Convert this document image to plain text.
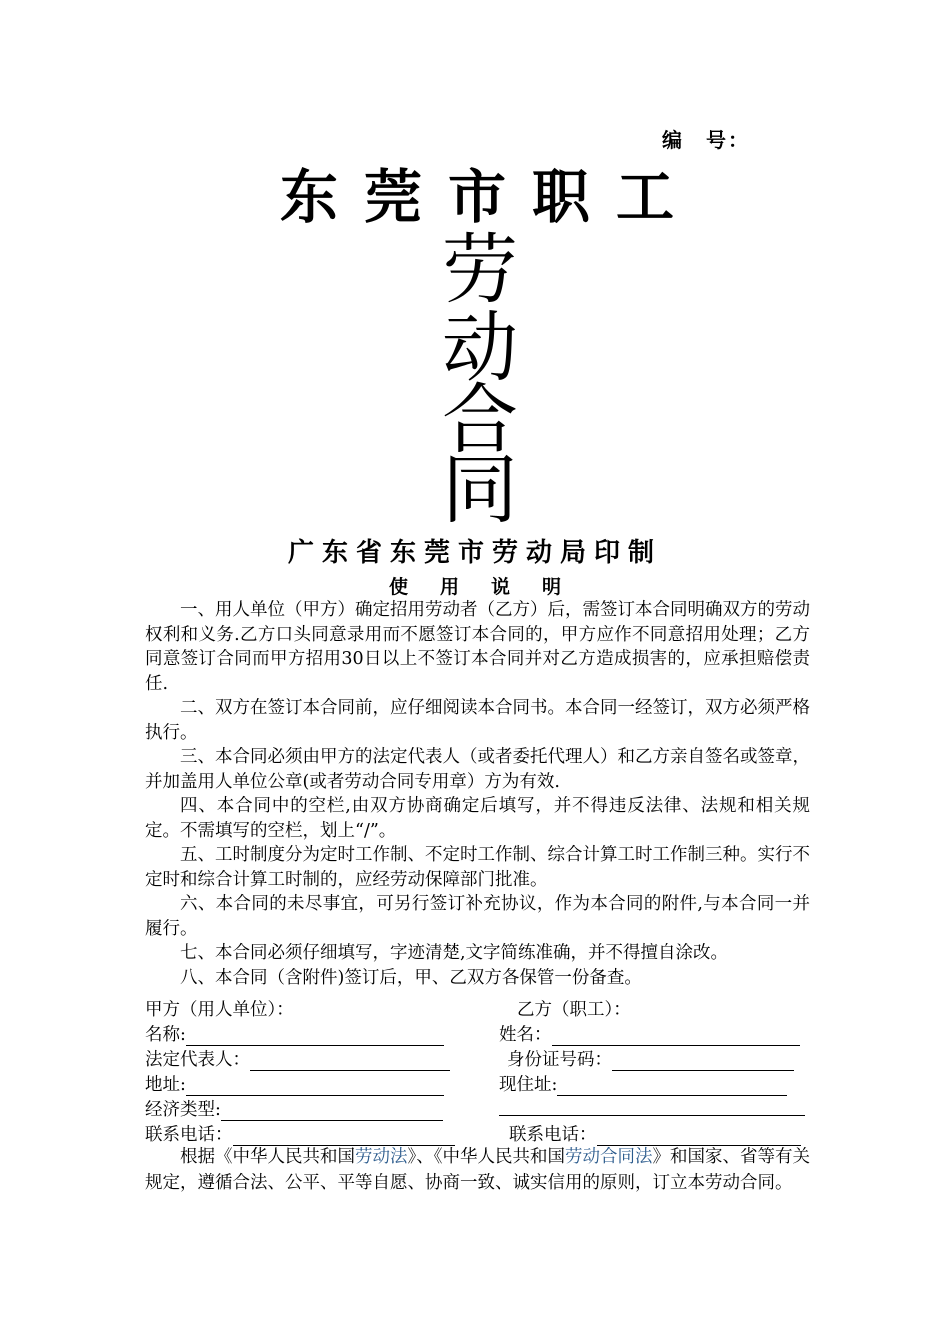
编　号：
东莞市职工
劳
动
合
同
广东省东莞市劳动局印制
使用说明

一、用人单位（甲方）确定招用劳动者（乙方）后，需签订本合同明确双方的劳动权利和义务.乙方口头同意录用而不愿签订本合同的，甲方应作不同意招用处理；乙方同意签订合同而甲方招用30日以上不签订本合同并对乙方造成损害的，应承担赔偿责任.

二、双方在签订本合同前，应仔细阅读本合同书。本合同一经签订，双方必须严格执行。

三、本合同必须由甲方的法定代表人（或者委托代理人）和乙方亲自签名或签章，并加盖用人单位公章(或者劳动合同专用章）方为有效.

四、本合同中的空栏,由双方协商确定后填写，并不得违反法律、法规和相关规定。不需填写的空栏，划上“/”。

五、工时制度分为定时工作制、不定时工作制、综合计算工时工作制三种。实行不定时和综合计算工时制的，应经劳动保障部门批准。

六、本合同的未尽事宜，可另行签订补充协议，作为本合同的附件,与本合同一并履行。

七、本合同必须仔细填写，字迹清楚,文字简练准确，并不得擅自涂改。

八、本合同（含附件)签订后，甲、乙双方各保管一份备查。

甲方（用人单位）：	乙方（职工）：
名称:	姓名：
法定代表人：	身份证号码：
地址:	现住址:
经济类型:
联系电话：	联系电话：

根据《中华人民共和国劳动法》、《中华人民共和国劳动合同法》和国家、省等有关规定，遵循合法、公平、平等自愿、协商一致、诚实信用的原则，订立本劳动合同。
